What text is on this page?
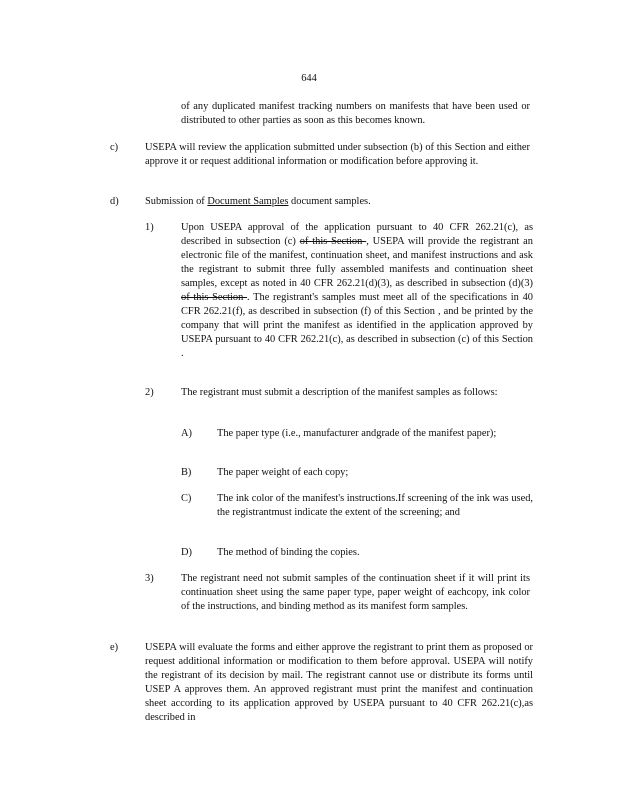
644
of any duplicated manifest tracking numbers on manifests that have been used or distributed to other parties as soon as this becomes known.
c)	USEPA will review the application submitted under subsection (b) of this Section and either approve it or request additional information or modification before approving it.
d)	Submission of Document Samples document samples.
1)	Upon USEPA approval of the application pursuant to 40 CFR 262.21(c), as described in subsection (c) of this Section , USEPA will provide the registrant an electronic file of the manifest, continuation sheet, and manifest instructions and ask the registrant to submit three fully assembled manifests and continuation sheet samples, except as noted in 40 CFR 262.21(d)(3), as described in subsection (d)(3) of this Section . The registrant's samples must meet all of the specifications in 40 CFR 262.21(f), as described in subsection (f) of this Section , and be printed by the company that will print the manifest as identified in the application approved by USEPA pursuant to 40 CFR 262.21(c), as described in subsection (c) of this Section .
2)	The registrant must submit a description of the manifest samples as follows:
A) The paper type (i.e., manufacturer andgrade of the manifest paper);
B) The paper weight of each copy;
C) The ink color of the manifest's instructions.If screening of the ink was used, the registrantmust indicate the extent of the screening; and
D) The method of binding the copies.
3)	The registrant need not submit samples of the continuation sheet if it will print its continuation sheet using the same paper type, paper weight of eachcopy, ink color of the instructions, and binding method as its manifest form samples.
e)	USEPA will evaluate the forms and either approve the registrant to print them as proposed or request additional information or modification to them before approval. USEPA will notify the registrant of its decision by mail. The registrant cannot use or distribute its forms until USEP A approves them. An approved registrant must print the manifest and continuation sheet according to its application approved by USEPA pursuant to 40 CFR 262.21(c),as described in
